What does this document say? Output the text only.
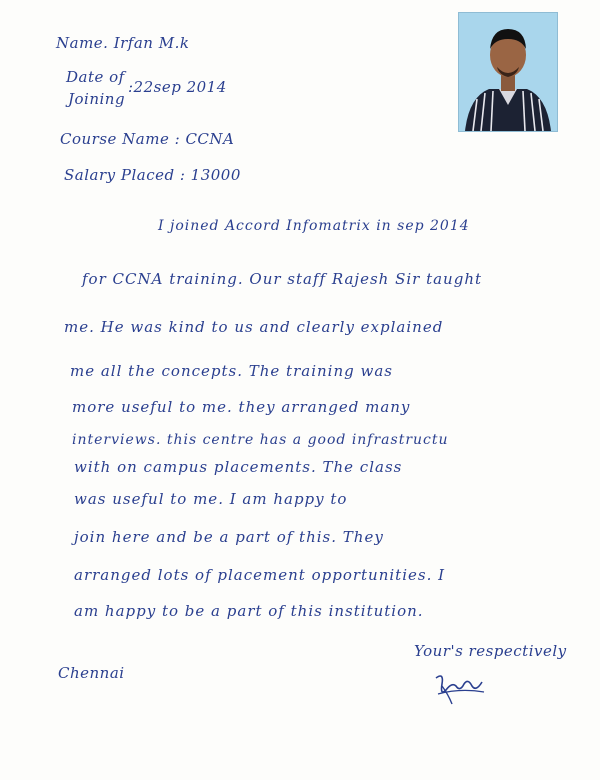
Name. Irfan M.k
Date of
Joining
:22sep 2014
Course Name : CCNA
Salary Placed : 13000
I joined Accord Infomatrix in sep 2014
for CCNA training. Our staff Rajesh Sir taught
me. He was kind to us and clearly explained
me all the concepts. The training was
more useful to me. they arranged many
interviews. this centre has a good infrastructu
with on campus placements. The class
was useful to me. I am happy to
join here and be a part of this. They
arranged lots of placement opportunities. I
am happy to be a part of this institution.
Your's respectively
Chennai
